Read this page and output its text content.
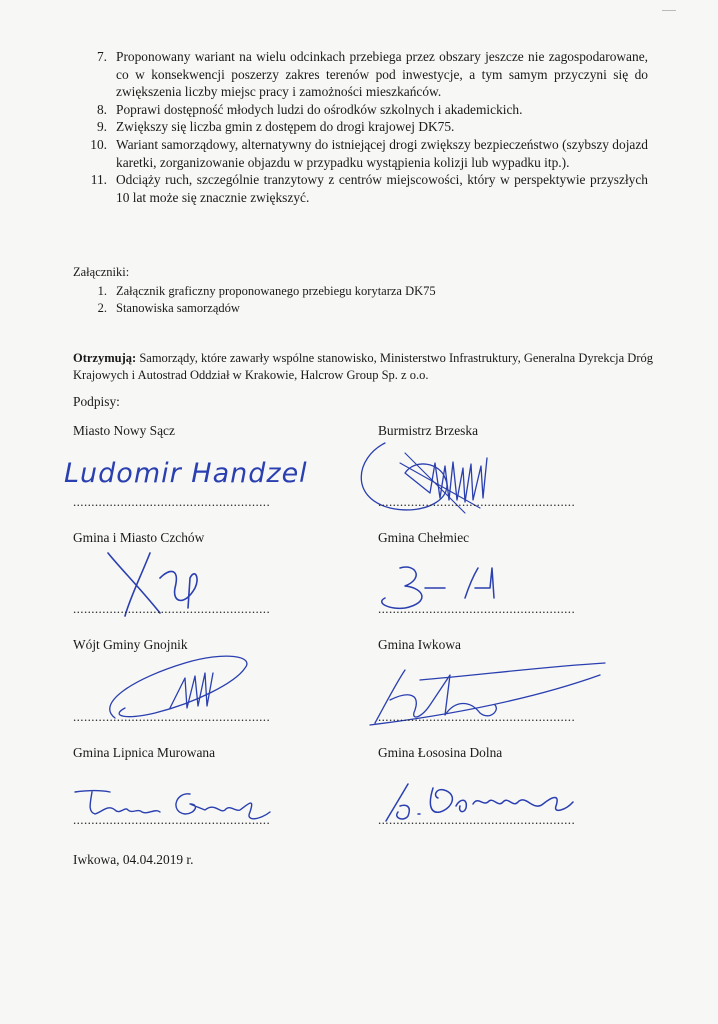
7. Proponowany wariant na wielu odcinkach przebiega przez obszary jeszcze nie zagospodarowane, co w konsekwencji poszerzy zakres terenów pod inwestycje, a tym samym przyczyni się do zwiększenia liczby miejsc pracy i zamożności mieszkańców.
8. Poprawi dostępność młodych ludzi do ośrodków szkolnych i akademickich.
9. Zwiększy się liczba gmin z dostępem do drogi krajowej DK75.
10. Wariant samorządowy, alternatywny do istniejącej drogi zwiększy bezpieczeństwo (szybszy dojazd karetki, zorganizowanie objazdu w przypadku wystąpienia kolizji lub wypadku itp.).
11. Odciąży ruch, szczególnie tranzytowy z centrów miejscowości, który w perspektywie przyszłych 10 lat może się znacznie zwiększyć.
Załączniki:
1. Załącznik graficzny proponowanego przebiegu korytarza DK75
2. Stanowiska samorządów
Otrzymują: Samorządy, które zawarły wspólne stanowisko, Ministerstwo Infrastruktury, Generalna Dyrekcja Dróg Krajowych i Autostrad Oddział w Krakowie, Halcrow Group Sp. z o.o.
Podpisy:
Miasto Nowy Sącz	Burmistrz Brzeska
Ludomir Handzel
......................................................	......................................................
Gmina i Miasto Czchów	Gmina Chełmiec
......................................................	......................................................
Wójt Gminy Gnojnik	Gmina Iwkowa
......................................................	......................................................
Gmina Lipnica Murowana	Gmina Łososina Dolna
......................................................	......................................................
Iwkowa, 04.04.2019 r.
